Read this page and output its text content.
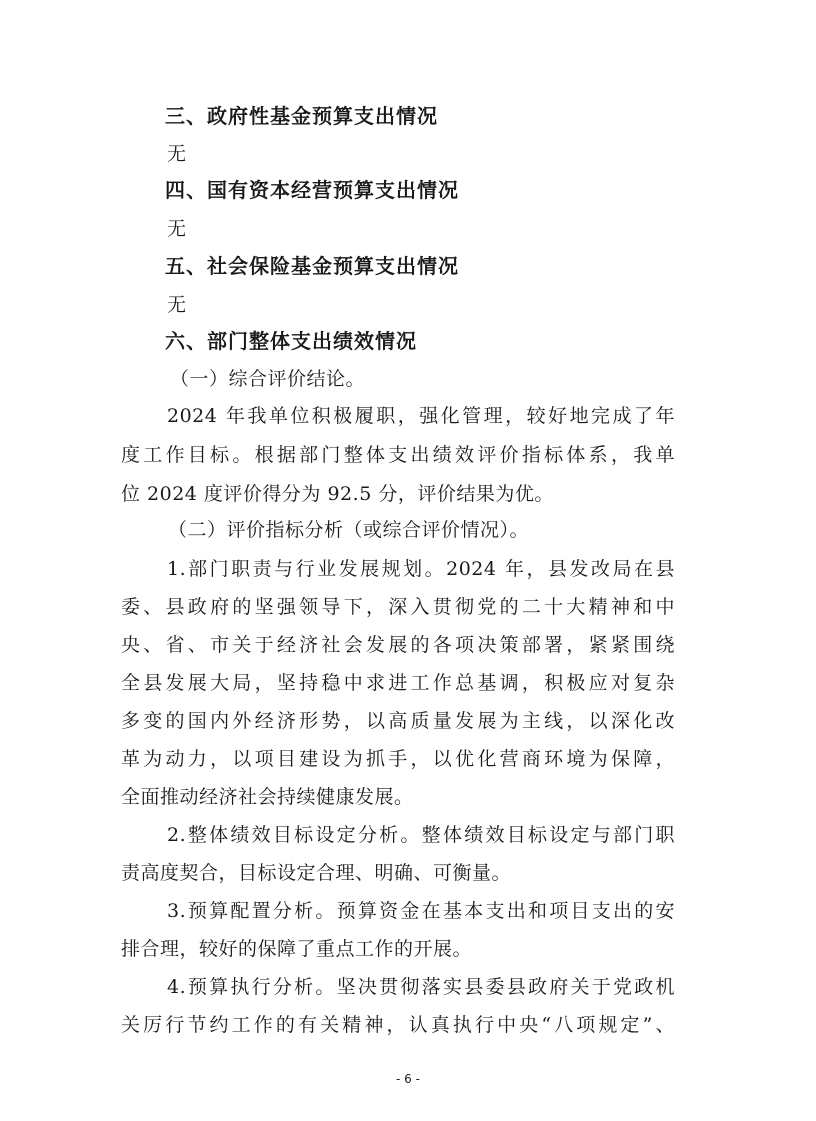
三、政府性基金预算支出情况
无
四、国有资本经营预算支出情况
无
五、社会保险基金预算支出情况
无
六、部门整体支出绩效情况
（一）综合评价结论。
2024 年我单位积极履职，强化管理，较好地完成了年
度工作目标。根据部门整体支出绩效评价指标体系，我单
位 2024 度评价得分为 92.5 分，评价结果为优。
（二）评价指标分析（或综合评价情况）。
1.部门职责与行业发展规划。2024 年，县发改局在县
委、县政府的坚强领导下，深入贯彻党的二十大精神和中
央、省、市关于经济社会发展的各项决策部署，紧紧围绕
全县发展大局，坚持稳中求进工作总基调，积极应对复杂
多变的国内外经济形势，以高质量发展为主线，以深化改
革为动力，以项目建设为抓手，以优化营商环境为保障，
全面推动经济社会持续健康发展。
2.整体绩效目标设定分析。整体绩效目标设定与部门职
责高度契合，目标设定合理、明确、可衡量。
3.预算配置分析。预算资金在基本支出和项目支出的安
排合理，较好的保障了重点工作的开展。
4.预算执行分析。坚决贯彻落实县委县政府关于党政机
关厉行节约工作的有关精神，认真执行中央“八项规定”、
- 6 -
